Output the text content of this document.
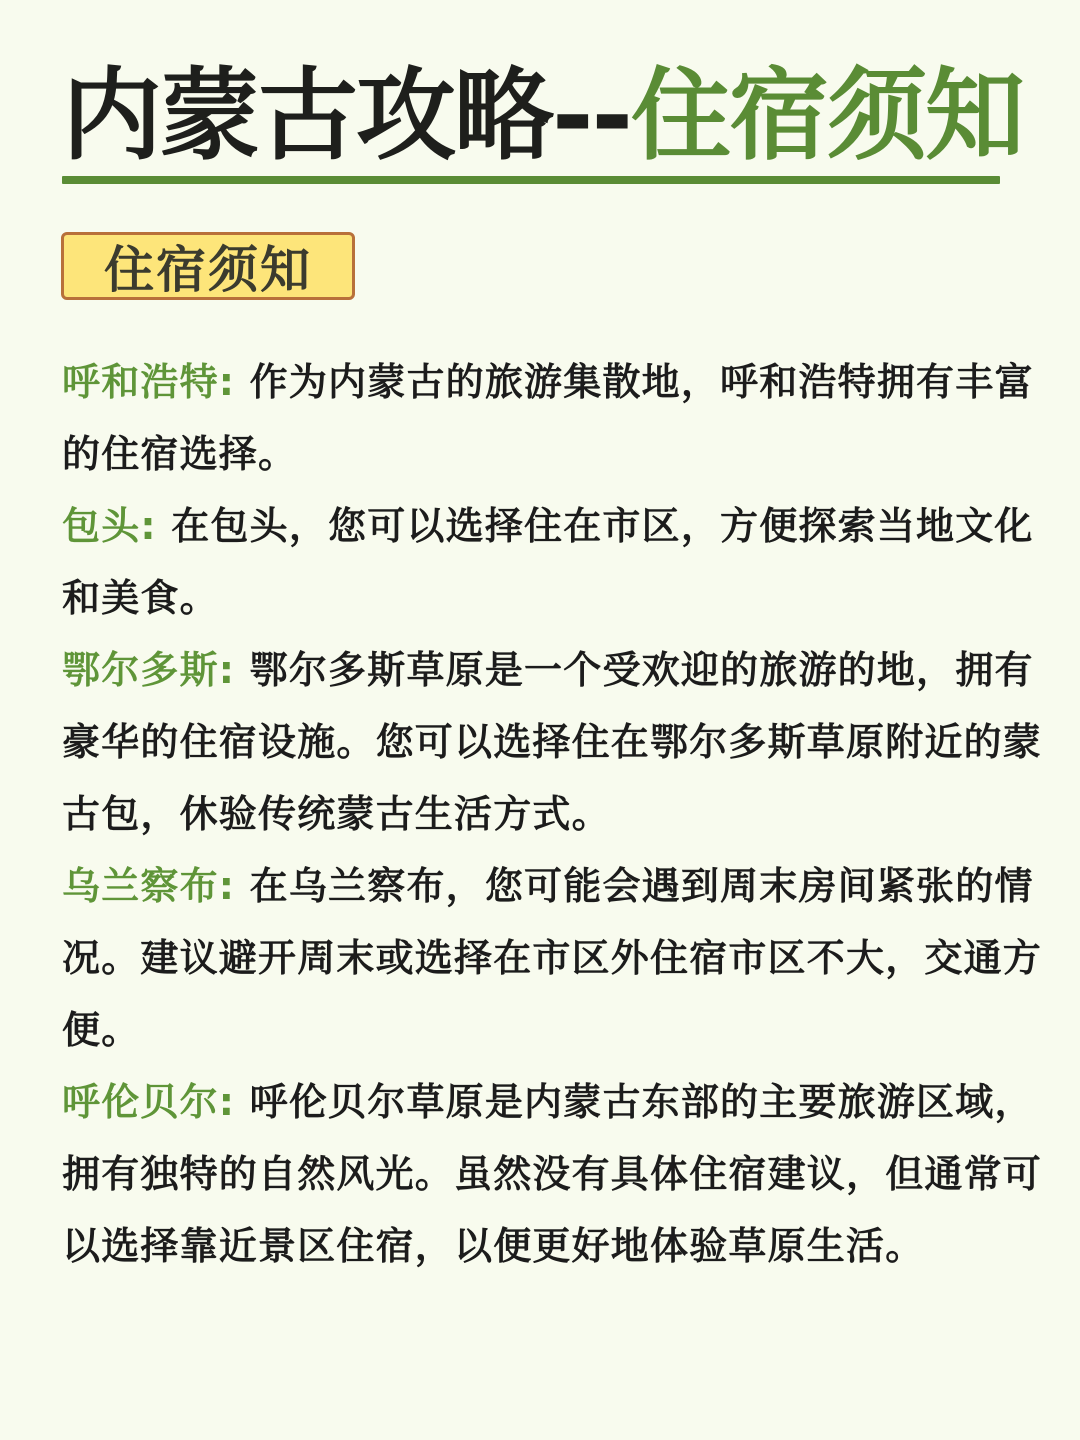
内蒙古攻略--住宿须知
住宿须知

呼和浩特: 作为内蒙古的旅游集散地，呼和浩特拥有丰富的住宿选择。

包头: 在包头，您可以选择住在市区，方便探索当地文化和美食。

鄂尔多斯: 鄂尔多斯草原是一个受欢迎的旅游的地，拥有豪华的住宿设施。您可以选择住在鄂尔多斯草原附近的蒙古包，休验传统蒙古生活方式。

乌兰察布: 在乌兰察布，您可能会遇到周末房间紧张的情况。建议避开周末或选择在市区外住宿市区不大，交通方便。

呼伦贝尔: 呼伦贝尔草原是内蒙古东部的主要旅游区域，拥有独特的自然风光。虽然没有具体住宿建议，但通常可以选择靠近景区住宿，以便更好地体验草原生活。
